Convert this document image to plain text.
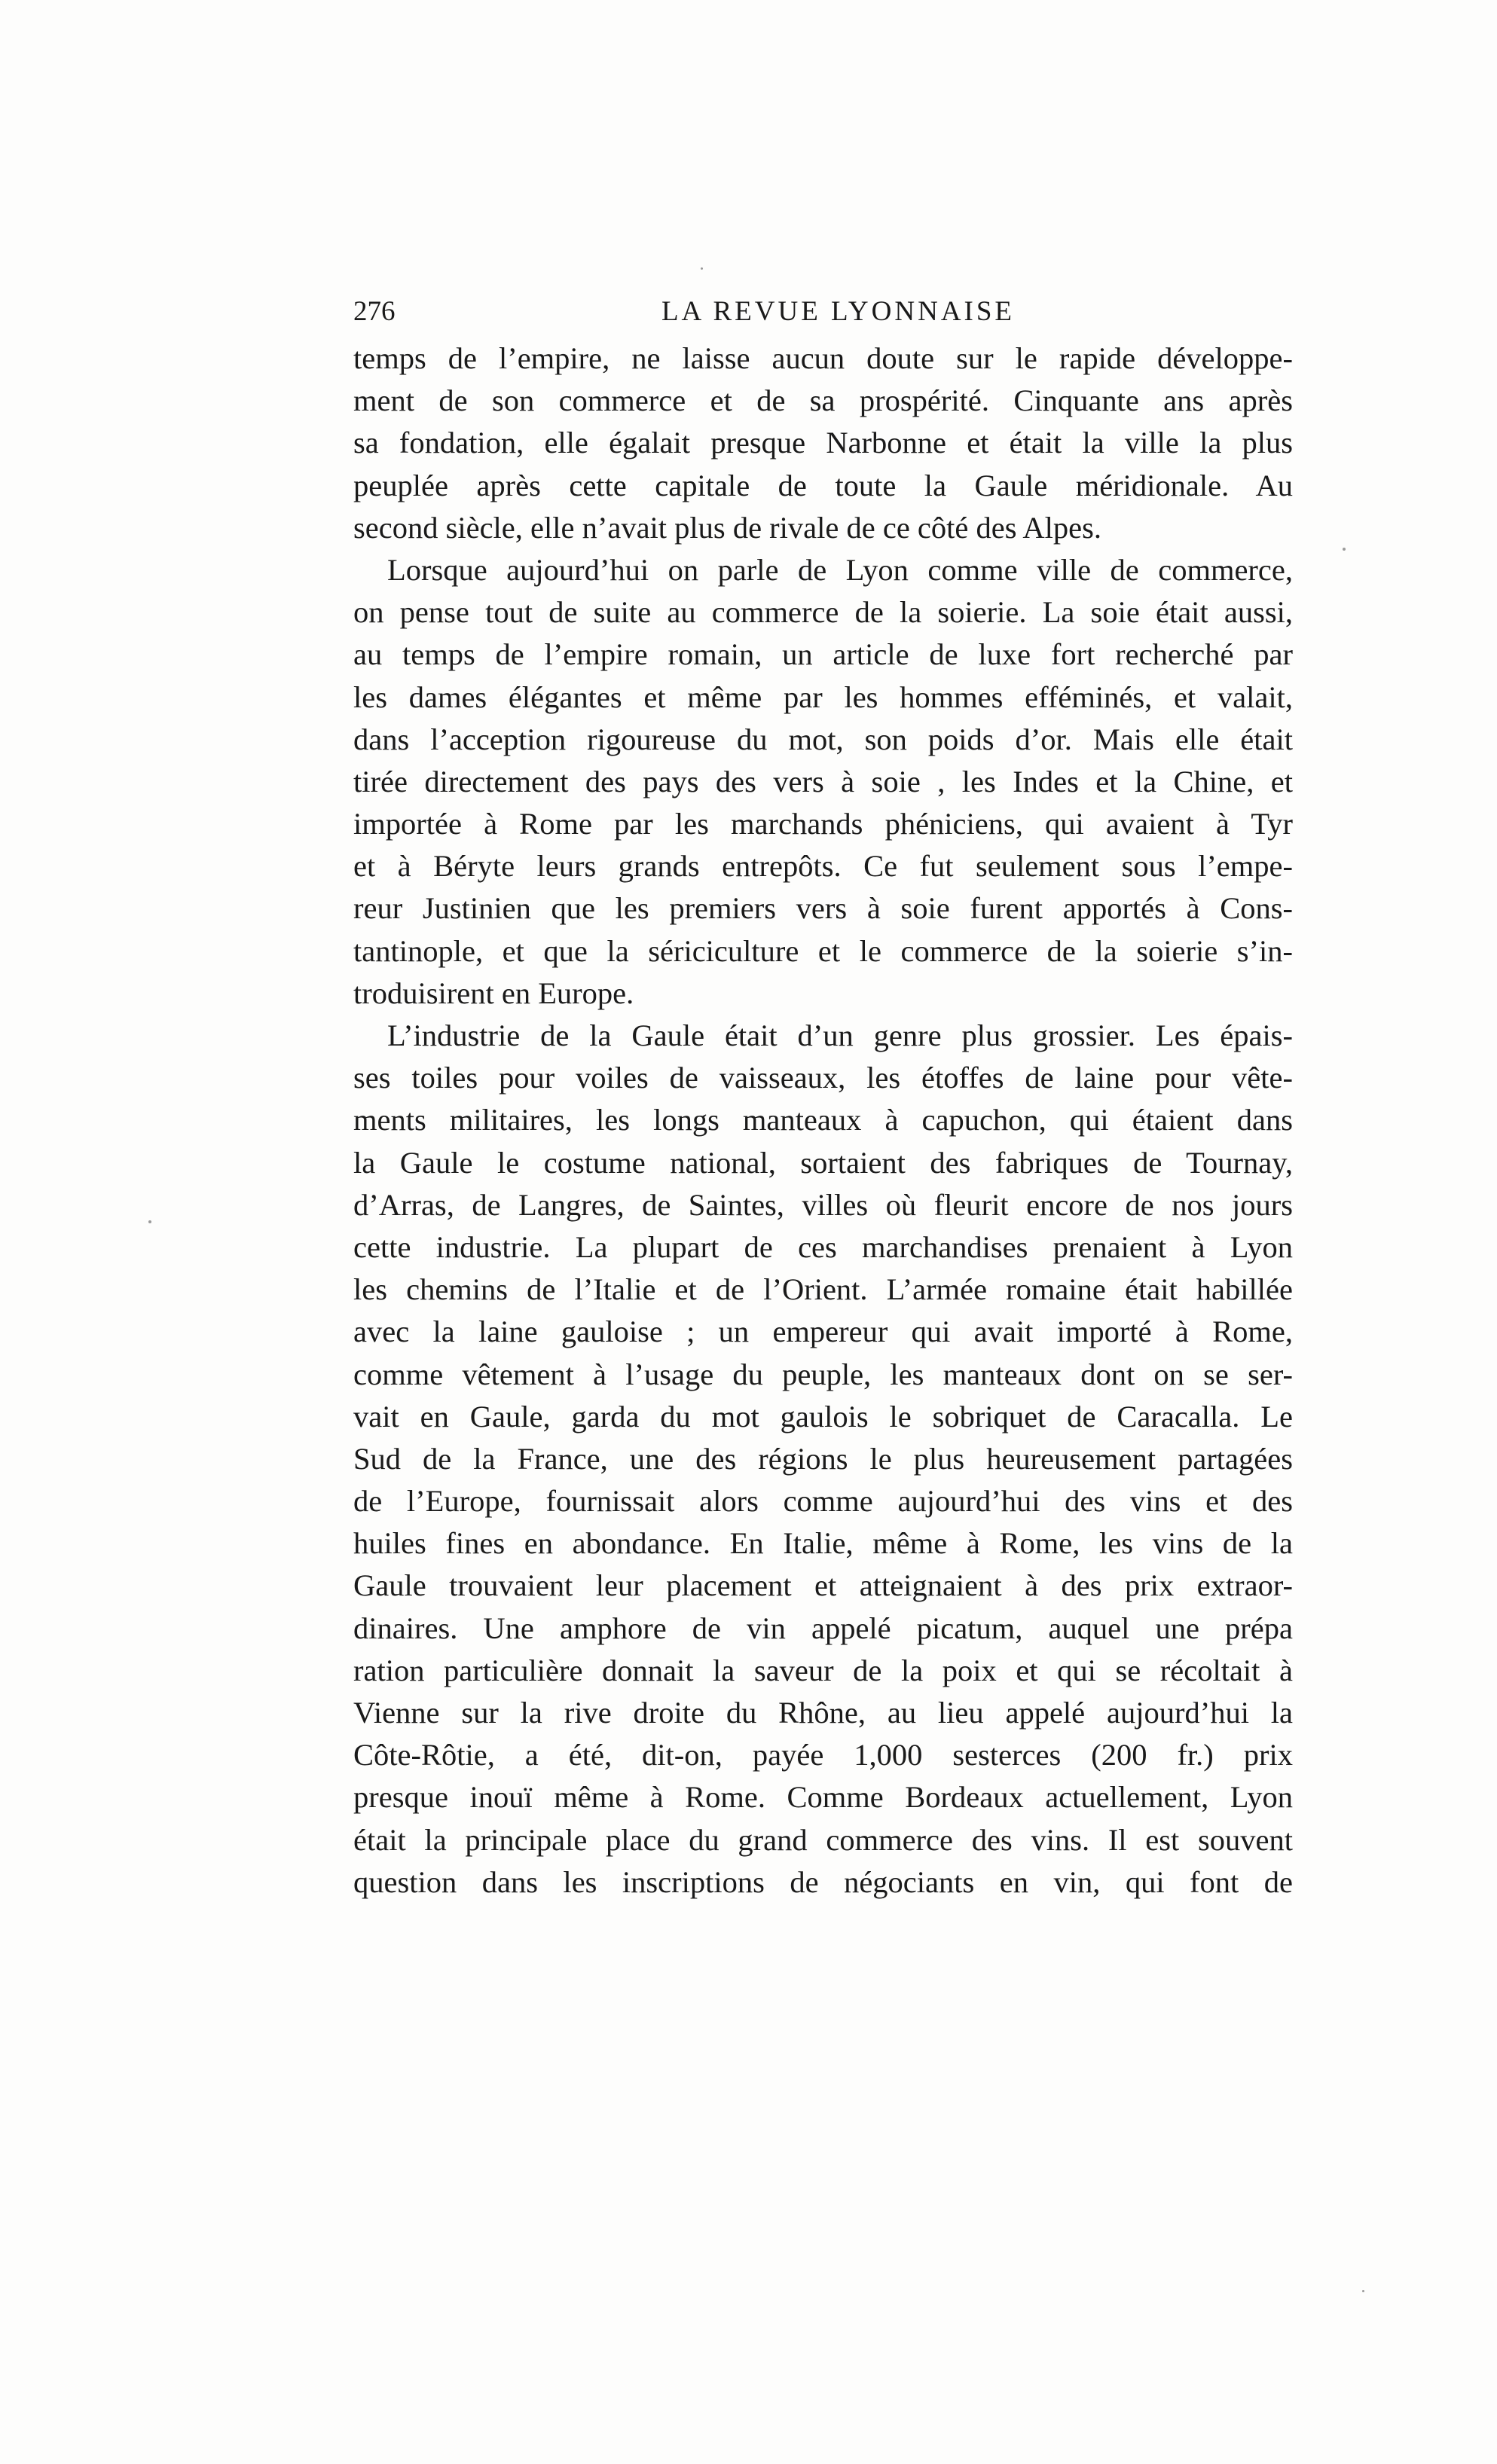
276	LA REVUE LYONNAISE
temps de l’empire, ne laisse aucun doute sur le rapide développe-
ment de son commerce et de sa prospérité. Cinquante ans après
sa fondation, elle égalait presque Narbonne et était la ville la plus
peuplée après cette capitale de toute la Gaule méridionale. Au
second siècle, elle n’avait plus de rivale de ce côté des Alpes.
Lorsque aujourd’hui on parle de Lyon comme ville de commerce,
on pense tout de suite au commerce de la soierie. La soie était aussi,
au temps de l’empire romain, un article de luxe fort recherché par
les dames élégantes et même par les hommes efféminés, et valait,
dans l’acception rigoureuse du mot, son poids d’or. Mais elle était
tirée directement des pays des vers à soie , les Indes et la Chine, et
importée à Rome par les marchands phéniciens, qui avaient à Tyr
et à Béryte leurs grands entrepôts. Ce fut seulement sous l’empe-
reur Justinien que les premiers vers à soie furent apportés à Cons-
tantinople, et que la sériciculture et le commerce de la soierie s’in-
troduisirent en Europe.
L’industrie de la Gaule était d’un genre plus grossier. Les épais-
ses toiles pour voiles de vaisseaux, les étoffes de laine pour vête-
ments militaires, les longs manteaux à capuchon, qui étaient dans
la Gaule le costume national, sortaient des fabriques de Tournay,
d’Arras, de Langres, de Saintes, villes où fleurit encore de nos jours
cette industrie. La plupart de ces marchandises prenaient à Lyon
les chemins de l’Italie et de l’Orient. L’armée romaine était habillée
avec la laine gauloise ; un empereur qui avait importé à Rome,
comme vêtement à l’usage du peuple, les manteaux dont on se ser-
vait en Gaule, garda du mot gaulois le sobriquet de Caracalla. Le
Sud de la France, une des régions le plus heureusement partagées
de l’Europe, fournissait alors comme aujourd’hui des vins et des
huiles fines en abondance. En Italie, même à Rome, les vins de la
Gaule trouvaient leur placement et atteignaient à des prix extraor-
dinaires. Une amphore de vin appelé picatum, auquel une prépa
ration particulière donnait la saveur de la poix et qui se récoltait à
Vienne sur la rive droite du Rhône, au lieu appelé aujourd’hui la
Côte-Rôtie, a été, dit-on, payée 1,000 sesterces (200 fr.) prix
presque inouï même à Rome. Comme Bordeaux actuellement, Lyon
était la principale place du grand commerce des vins. Il est souvent
question dans les inscriptions de négociants en vin, qui font de
